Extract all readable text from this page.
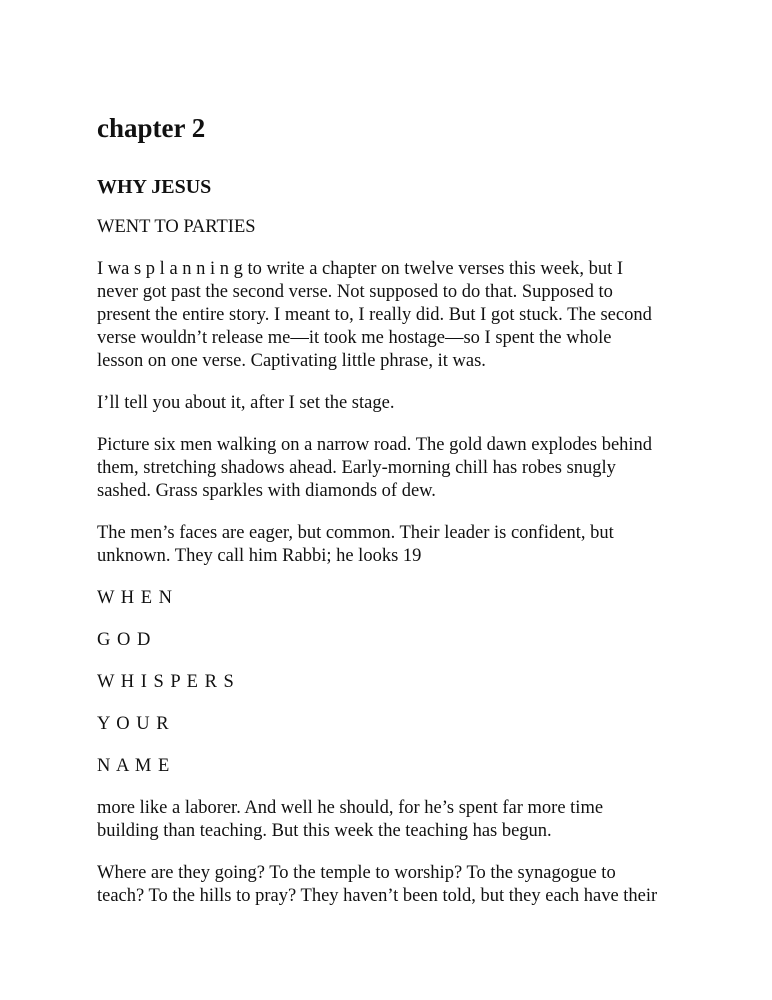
chapter 2
WHY JESUS

WENT TO PARTIES

I wa s p l a n n i n g to write a chapter on twelve verses this week, but I
never got past the second verse. Not supposed to do that. Supposed to
present the entire story. I meant to, I really did. But I got stuck. The second
verse wouldn’t release me—it took me hostage—so I spent the whole
lesson on one verse. Captivating little phrase, it was.

I’ll tell you about it, after I set the stage.

Picture six men walking on a narrow road. The gold dawn explodes behind
them, stretching shadows ahead. Early-morning chill has robes snugly
sashed. Grass sparkles with diamonds of dew.

The men’s faces are eager, but common. Their leader is confident, but
unknown. They call him Rabbi; he looks 19

W H E N

G O D

W H I S P E R S

Y O U R

N A M E

more like a laborer. And well he should, for he’s spent far more time
building than teaching. But this week the teaching has begun.

Where are they going? To the temple to worship? To the synagogue to
teach? To the hills to pray? They haven’t been told, but they each have their
